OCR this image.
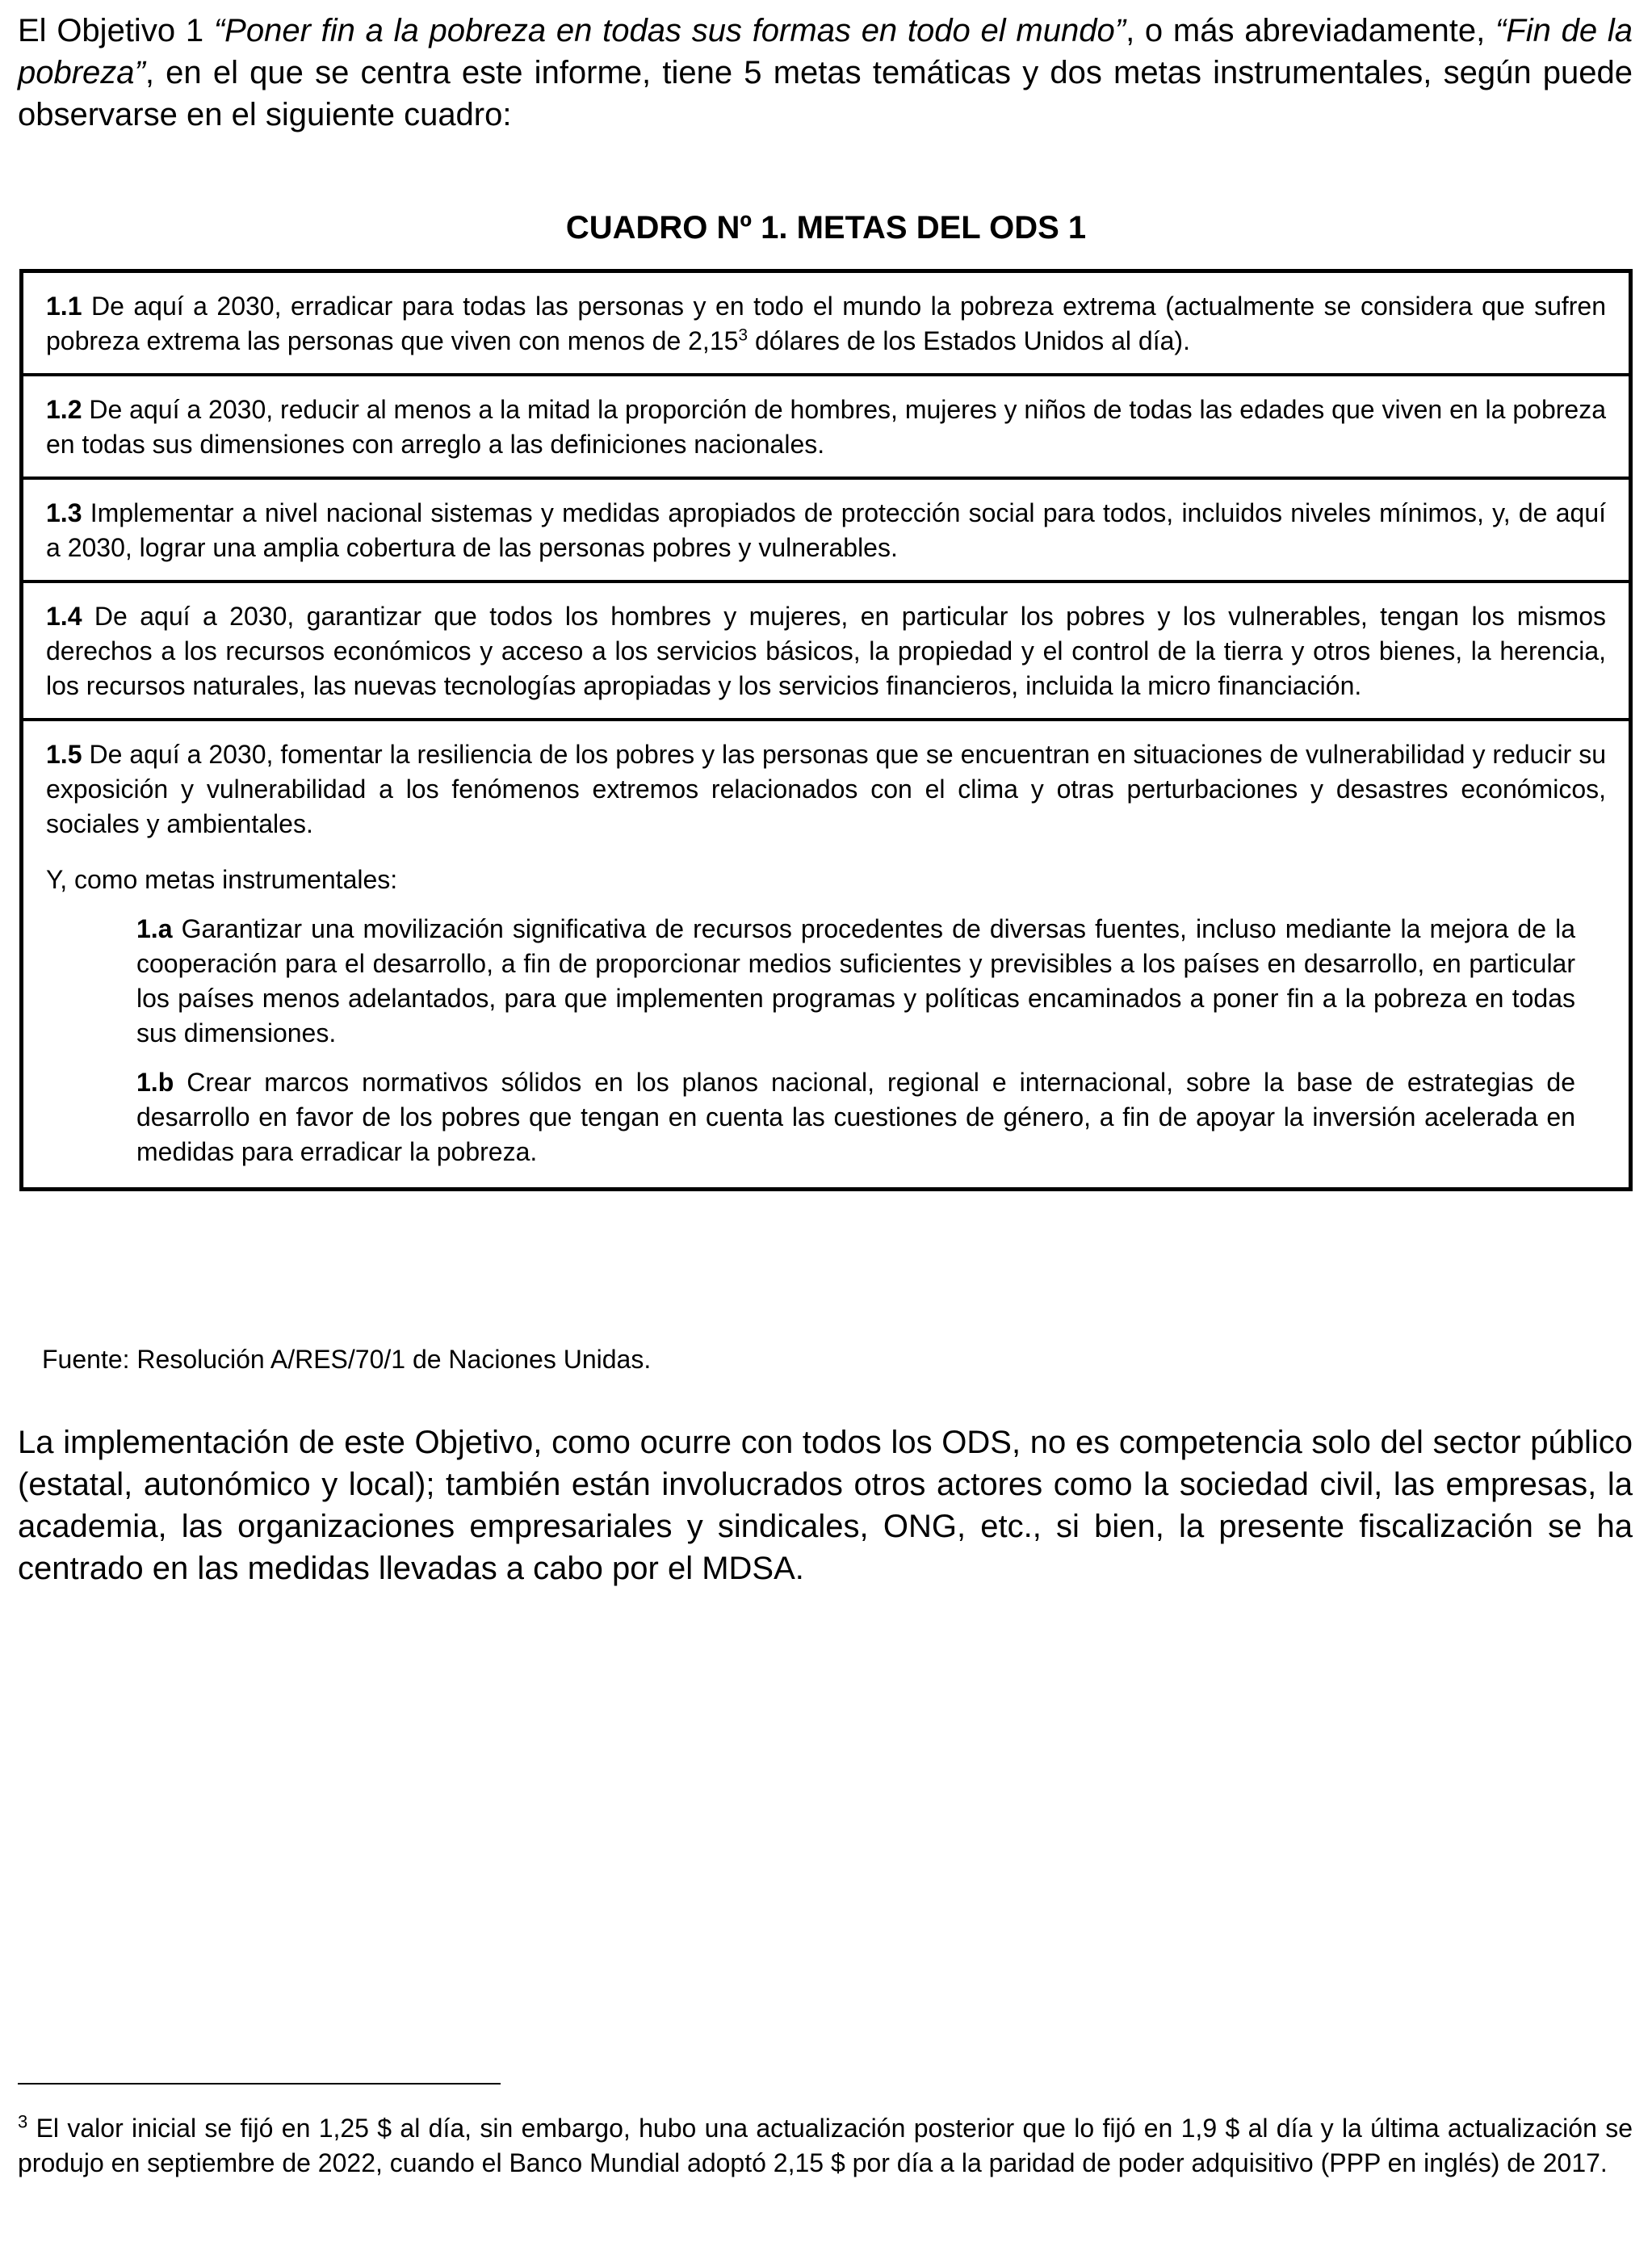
El Objetivo 1 “Poner fin a la pobreza en todas sus formas en todo el mundo”, o más abreviadamente, “Fin de la pobreza”, en el que se centra este informe, tiene 5 metas temáticas y dos metas instrumentales, según puede observarse en el siguiente cuadro:

CUADRO Nº 1. METAS DEL ODS 1

1.1 De aquí a 2030, erradicar para todas las personas y en todo el mundo la pobreza extrema (actualmente se considera que sufren pobreza extrema las personas que viven con menos de 2,15$^3$ dólares de los Estados Unidos al día).

1.2 De aquí a 2030, reducir al menos a la mitad la proporción de hombres, mujeres y niños de todas las edades que viven en la pobreza en todas sus dimensiones con arreglo a las definiciones nacionales.

1.3 Implementar a nivel nacional sistemas y medidas apropiados de protección social para todos, incluidos niveles mínimos, y, de aquí a 2030, lograr una amplia cobertura de las personas pobres y vulnerables.

1.4 De aquí a 2030, garantizar que todos los hombres y mujeres, en particular los pobres y los vulnerables, tengan los mismos derechos a los recursos económicos y acceso a los servicios básicos, la propiedad y el control de la tierra y otros bienes, la herencia, los recursos naturales, las nuevas tecnologías apropiadas y los servicios financieros, incluida la micro financiación.

1.5 De aquí a 2030, fomentar la resiliencia de los pobres y las personas que se encuentran en situaciones de vulnerabilidad y reducir su exposición y vulnerabilidad a los fenómenos extremos relacionados con el clima y otras perturbaciones y desastres económicos, sociales y ambientales.

Y, como metas instrumentales:

1.a Garantizar una movilización significativa de recursos procedentes de diversas fuentes, incluso mediante la mejora de la cooperación para el desarrollo, a fin de proporcionar medios suficientes y previsibles a los países en desarrollo, en particular los países menos adelantados, para que implementen programas y políticas encaminados a poner fin a la pobreza en todas sus dimensiones.

1.b Crear marcos normativos sólidos en los planos nacional, regional e internacional, sobre la base de estrategias de desarrollo en favor de los pobres que tengan en cuenta las cuestiones de género, a fin de apoyar la inversión acelerada en medidas para erradicar la pobreza.

Fuente: Resolución A/RES/70/1 de Naciones Unidas.

La implementación de este Objetivo, como ocurre con todos los ODS, no es competencia solo del sector público (estatal, autonómico y local); también están involucrados otros actores como la sociedad civil, las empresas, la academia, las organizaciones empresariales y sindicales, ONG, etc., si bien, la presente fiscalización se ha centrado en las medidas llevadas a cabo por el MDSA.

$^3$ El valor inicial se fijó en 1,25 $ al día, sin embargo, hubo una actualización posterior que lo fijó en 1,9 $ al día y la última actualización se produjo en septiembre de 2022, cuando el Banco Mundial adoptó 2,15 $ por día a la paridad de poder adquisitivo (PPP en inglés) de 2017.
